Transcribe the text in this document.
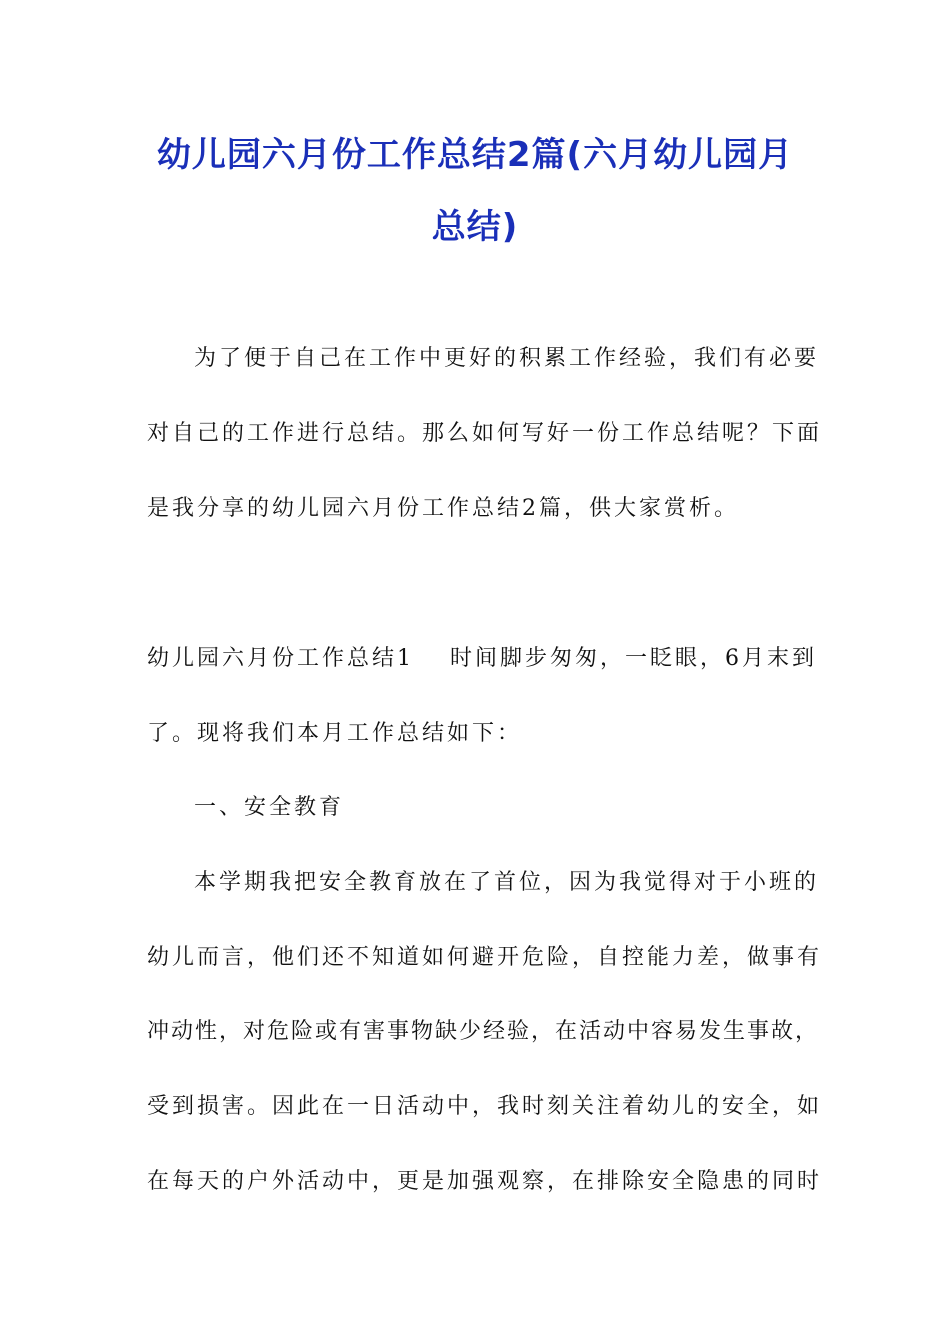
幼儿园六月份工作总结2篇(六月幼儿园月
总结)

为了便于自己在工作中更好的积累工作经验，我们有必要

对自己的工作进行总结。那么如何写好一份工作总结呢？下面

是我分享的幼儿园六月份工作总结2篇，供大家赏析。

幼儿园六月份工作总结1 时间脚步匆匆，一眨眼，6月末到

了。现将我们本月工作总结如下：

一、安全教育

本学期我把安全教育放在了首位，因为我觉得对于小班的

幼儿而言，他们还不知道如何避开危险，自控能力差，做事有

冲动性，对危险或有害事物缺少经验，在活动中容易发生事故，

受到损害。因此在一日活动中，我时刻关注着幼儿的安全，如

在每天的户外活动中，更是加强观察，在排除安全隐患的同时
